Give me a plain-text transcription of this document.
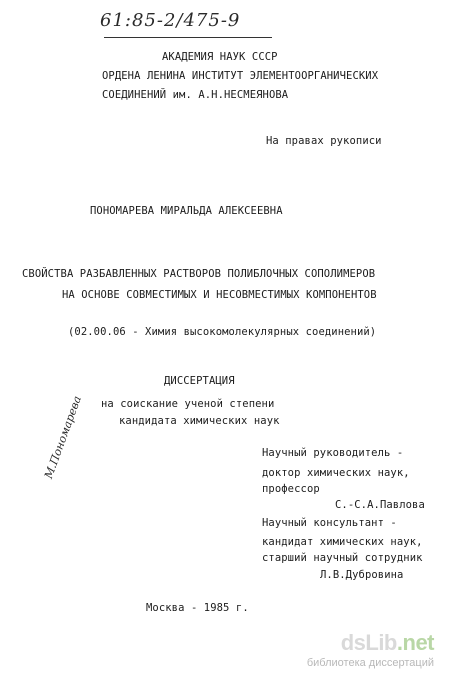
61:85-2/475-9
АКАДЕМИЯ НАУК СССР
ОРДЕНА ЛЕНИНА ИНСТИТУТ ЭЛЕМЕНТООРГАНИЧЕСКИХ
СОЕДИНЕНИЙ им. А.Н.НЕСМЕЯНОВА
На правах рукописи
ПОНОМАРЕВА МИРАЛЬДА АЛЕКСЕЕВНА
СВОЙСТВА РАЗБАВЛЕННЫХ РАСТВОРОВ ПОЛИБЛОЧНЫХ СОПОЛИМЕРОВ
НА ОСНОВЕ СОВМЕСТИМЫХ И НЕСОВМЕСТИМЫХ КОМПОНЕНТОВ
(02.00.06 - Химия высокомолекулярных соединений)
ДИССЕРТАЦИЯ
на соискание ученой степени
кандидата химических наук
Научный руководитель -
доктор химических наук,
профессор
С.-С.А.Павлова
Научный консультант -
кандидат химических наук,
старший научный сотрудник
Л.В.Дубровина
Москва - 1985 г.
М.Пономарева
dsLib.net
библиотека диссертаций
